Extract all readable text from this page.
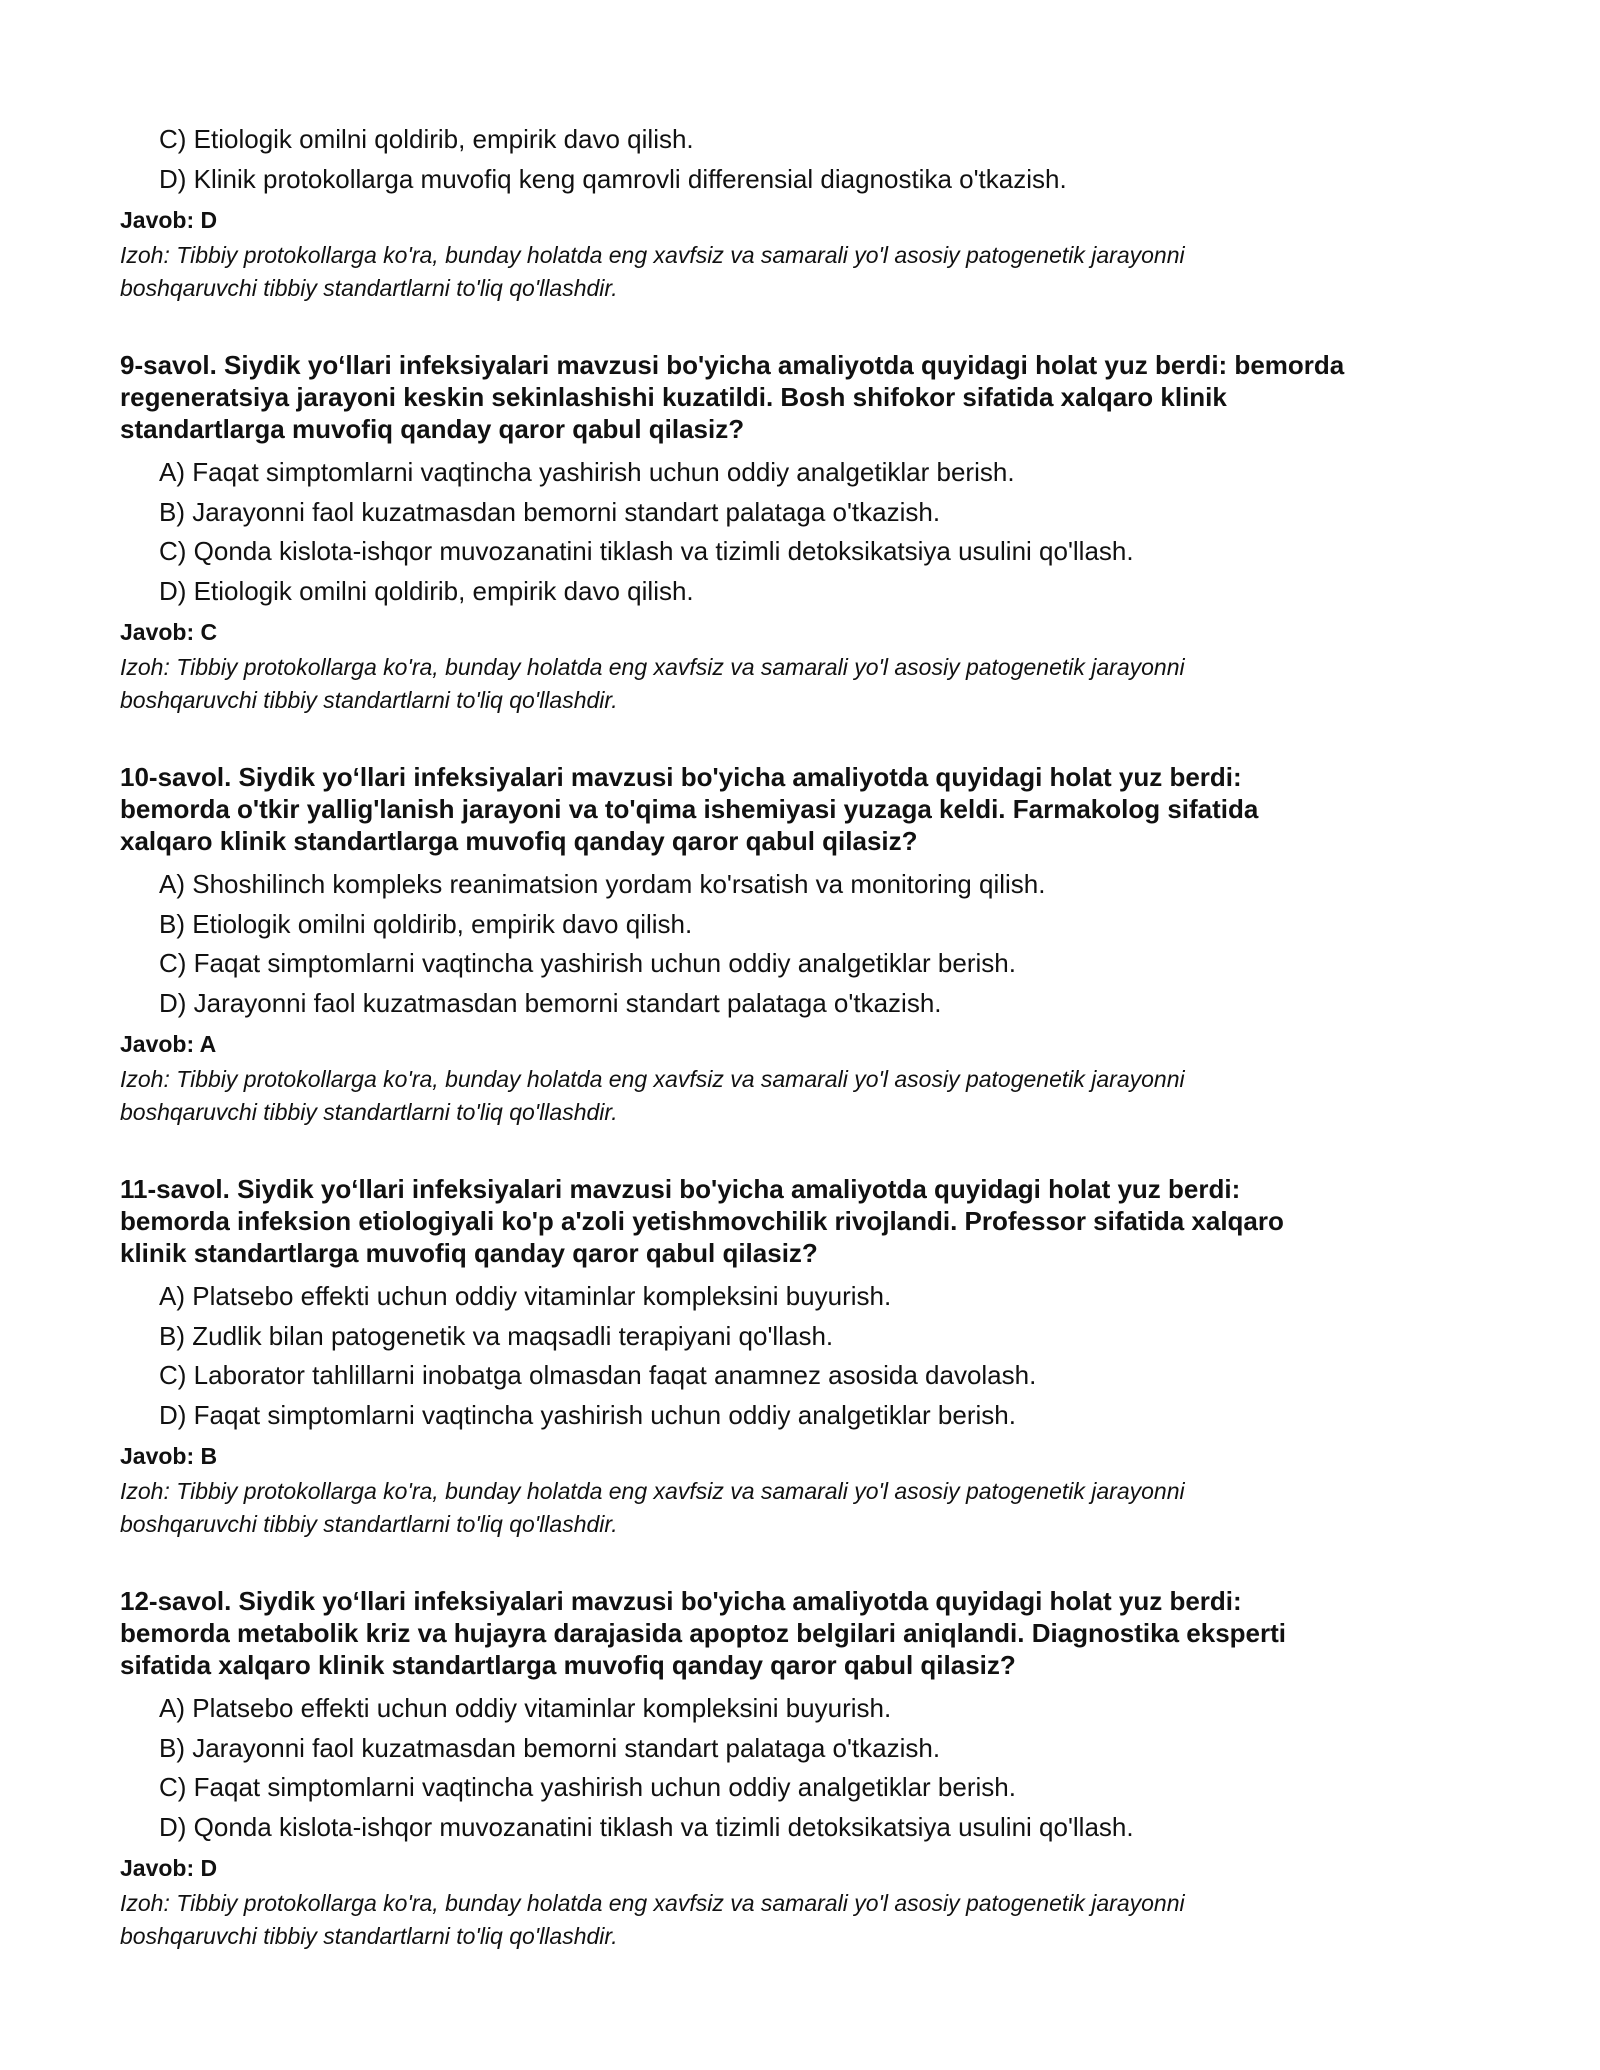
C) Etiologik omilni qoldirib, empirik davo qilish.
D) Klinik protokollarga muvofiq keng qamrovli differensial diagnostika o'tkazish.
Javob: D
Izoh: Tibbiy protokollarga ko'ra, bunday holatda eng xavfsiz va samarali yo'l asosiy patogenetik jarayonni
boshqaruvchi tibbiy standartlarni to'liq qo'llashdir.
9-savol. Siydik yo‘llari infeksiyalari mavzusi bo'yicha amaliyotda quyidagi holat yuz berdi: bemorda
regeneratsiya jarayoni keskin sekinlashishi kuzatildi. Bosh shifokor sifatida xalqaro klinik
standartlarga muvofiq qanday qaror qabul qilasiz?
A) Faqat simptomlarni vaqtincha yashirish uchun oddiy analgetiklar berish.
B) Jarayonni faol kuzatmasdan bemorni standart palataga o'tkazish.
C) Qonda kislota-ishqor muvozanatini tiklash va tizimli detoksikatsiya usulini qo'llash.
D) Etiologik omilni qoldirib, empirik davo qilish.
Javob: C
Izoh: Tibbiy protokollarga ko'ra, bunday holatda eng xavfsiz va samarali yo'l asosiy patogenetik jarayonni
boshqaruvchi tibbiy standartlarni to'liq qo'llashdir.
10-savol. Siydik yo‘llari infeksiyalari mavzusi bo'yicha amaliyotda quyidagi holat yuz berdi:
bemorda o'tkir yallig'lanish jarayoni va to'qima ishemiyasi yuzaga keldi. Farmakolog sifatida
xalqaro klinik standartlarga muvofiq qanday qaror qabul qilasiz?
A) Shoshilinch kompleks reanimatsion yordam ko'rsatish va monitoring qilish.
B) Etiologik omilni qoldirib, empirik davo qilish.
C) Faqat simptomlarni vaqtincha yashirish uchun oddiy analgetiklar berish.
D) Jarayonni faol kuzatmasdan bemorni standart palataga o'tkazish.
Javob: A
Izoh: Tibbiy protokollarga ko'ra, bunday holatda eng xavfsiz va samarali yo'l asosiy patogenetik jarayonni
boshqaruvchi tibbiy standartlarni to'liq qo'llashdir.
11-savol. Siydik yo‘llari infeksiyalari mavzusi bo'yicha amaliyotda quyidagi holat yuz berdi:
bemorda infeksion etiologiyali ko'p a'zoli yetishmovchilik rivojlandi. Professor sifatida xalqaro
klinik standartlarga muvofiq qanday qaror qabul qilasiz?
A) Platsebo effekti uchun oddiy vitaminlar kompleksini buyurish.
B) Zudlik bilan patogenetik va maqsadli terapiyani qo'llash.
C) Laborator tahlillarni inobatga olmasdan faqat anamnez asosida davolash.
D) Faqat simptomlarni vaqtincha yashirish uchun oddiy analgetiklar berish.
Javob: B
Izoh: Tibbiy protokollarga ko'ra, bunday holatda eng xavfsiz va samarali yo'l asosiy patogenetik jarayonni
boshqaruvchi tibbiy standartlarni to'liq qo'llashdir.
12-savol. Siydik yo‘llari infeksiyalari mavzusi bo'yicha amaliyotda quyidagi holat yuz berdi:
bemorda metabolik kriz va hujayra darajasida apoptoz belgilari aniqlandi. Diagnostika eksperti
sifatida xalqaro klinik standartlarga muvofiq qanday qaror qabul qilasiz?
A) Platsebo effekti uchun oddiy vitaminlar kompleksini buyurish.
B) Jarayonni faol kuzatmasdan bemorni standart palataga o'tkazish.
C) Faqat simptomlarni vaqtincha yashirish uchun oddiy analgetiklar berish.
D) Qonda kislota-ishqor muvozanatini tiklash va tizimli detoksikatsiya usulini qo'llash.
Javob: D
Izoh: Tibbiy protokollarga ko'ra, bunday holatda eng xavfsiz va samarali yo'l asosiy patogenetik jarayonni
boshqaruvchi tibbiy standartlarni to'liq qo'llashdir.
